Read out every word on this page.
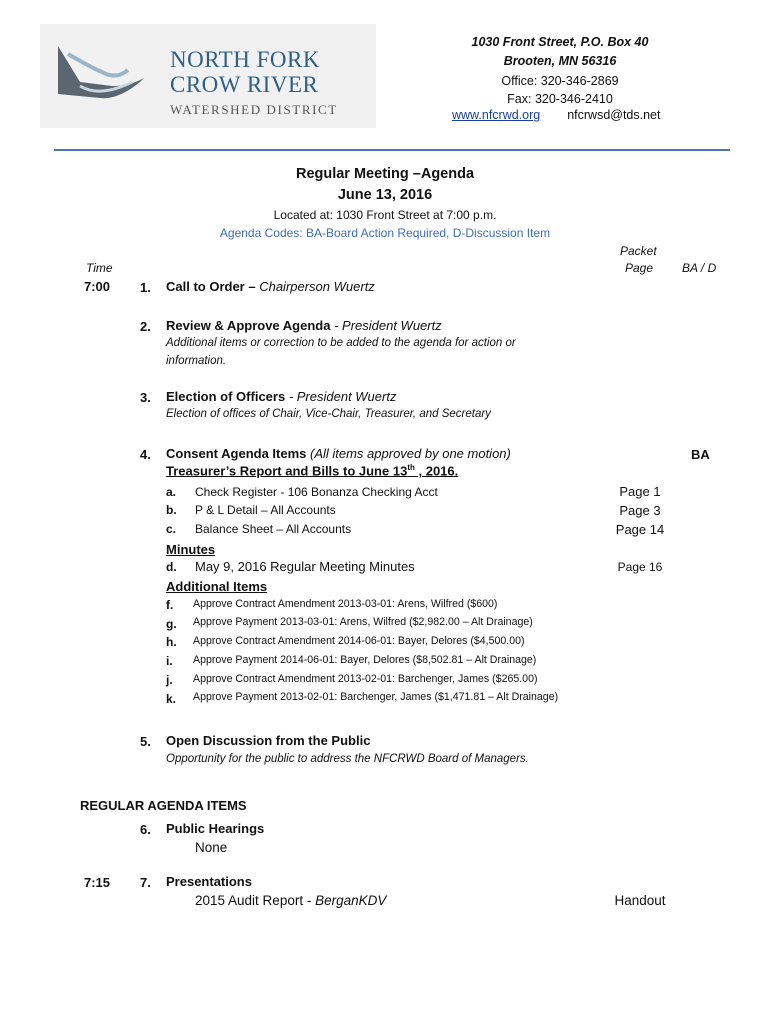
NORTH FORK
CROW RIVER
WATERSHED DISTRICT
1030 Front Street, P.O. Box 40
Brooten, MN 56316
Office: 320-346-2869
Fax: 320-346-2410
www.nfcrwd.org nfcrwsd@tds.net
Regular Meeting –Agenda
June 13, 2016
Located at: 1030 Front Street at 7:00 p.m.
Agenda Codes: BA-Board Action Required, D-Discussion Item
Time
Packet
Page BA / D
7:00 1. Call to Order – Chairperson Wuertz
2. Review & Approve Agenda - President Wuertz
Additional items or correction to be added to the agenda for action or
information.
3. Election of Officers - President Wuertz
Election of offices of Chair, Vice-Chair, Treasurer, and Secretary
4. Consent Agenda Items (All items approved by one motion)	BA
Treasurer’s Report and Bills to June 13th , 2016.
a. Check Register - 106 Bonanza Checking Acct	Page 1
b. P & L Detail – All Accounts	Page 3
c. Balance Sheet – All Accounts	Page 14
Minutes
d. May 9, 2016 Regular Meeting Minutes	Page 16
Additional Items
f. Approve Contract Amendment 2013-03-01: Arens, Wilfred ($600)
g. Approve Payment 2013-03-01: Arens, Wilfred ($2,982.00 – Alt Drainage)
h. Approve Contract Amendment 2014-06-01: Bayer, Delores ($4,500.00)
i. Approve Payment 2014-06-01: Bayer, Delores ($8,502.81 – Alt Drainage)
j. Approve Contract Amendment 2013-02-01: Barchenger, James ($265.00)
k. Approve Payment 2013-02-01: Barchenger, James ($1,471.81 – Alt Drainage)
5. Open Discussion from the Public
Opportunity for the public to address the NFCRWD Board of Managers.
REGULAR AGENDA ITEMS
6. Public Hearings
None
7:15 7. Presentations
2015 Audit Report - BerganKDV	Handout
